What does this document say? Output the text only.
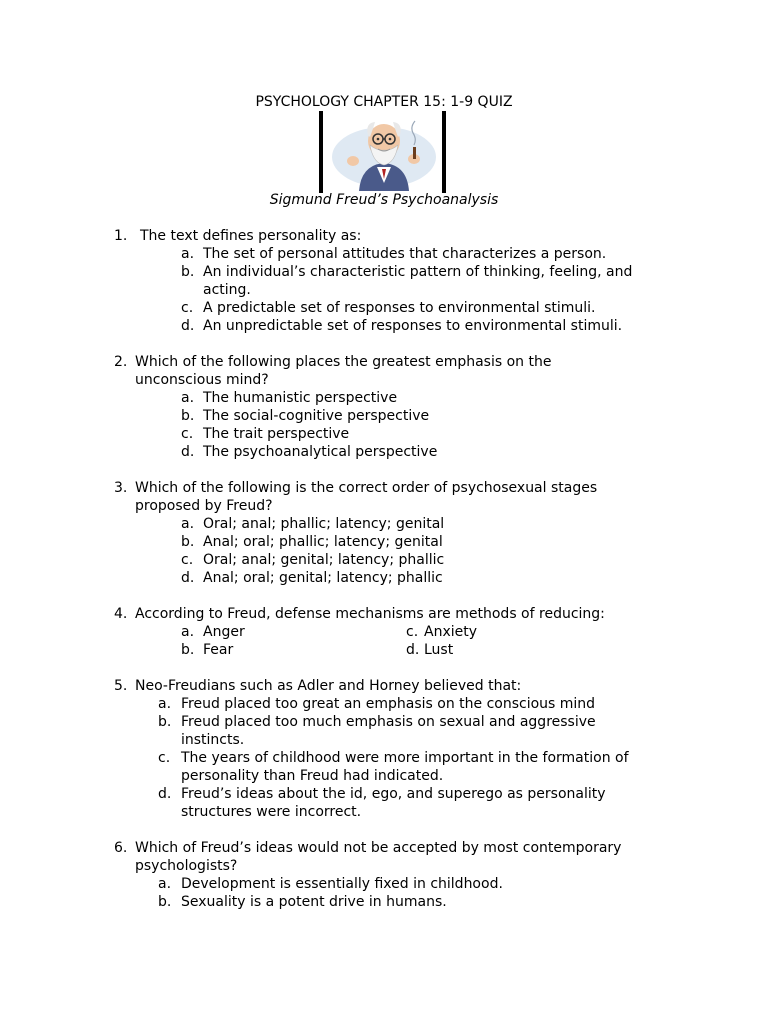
PSYCHOLOGY CHAPTER 15: 1-9 QUIZ
Sigmund Freud’s Psychoanalysis
1. The text defines personality as:
a. The set of personal attitudes that characterizes a person.
b. An individual’s characteristic pattern of thinking, feeling, and acting.
c. A predictable set of responses to environmental stimuli.
d. An unpredictable set of responses to environmental stimuli.
2. Which of the following places the greatest emphasis on the unconscious mind?
a. The humanistic perspective
b. The social-cognitive perspective
c. The trait perspective
d. The psychoanalytical perspective
3. Which of the following is the correct order of psychosexual stages proposed by Freud?
a. Oral; anal; phallic; latency; genital
b. Anal; oral; phallic; latency; genital
c. Oral; anal; genital; latency; phallic
d. Anal; oral; genital; latency; phallic
4. According to Freud, defense mechanisms are methods of reducing:
a. Anger
b. Fear
c. Anxiety
d. Lust
5. Neo-Freudians such as Adler and Horney believed that:
a. Freud placed too great an emphasis on the conscious mind
b. Freud placed too much emphasis on sexual and aggressive instincts.
c. The years of childhood were more important in the formation of personality than Freud had indicated.
d. Freud’s ideas about the id, ego, and superego as personality structures were incorrect.
6. Which of Freud’s ideas would not be accepted by most contemporary psychologists?
a. Development is essentially fixed in childhood.
b. Sexuality is a potent drive in humans.
